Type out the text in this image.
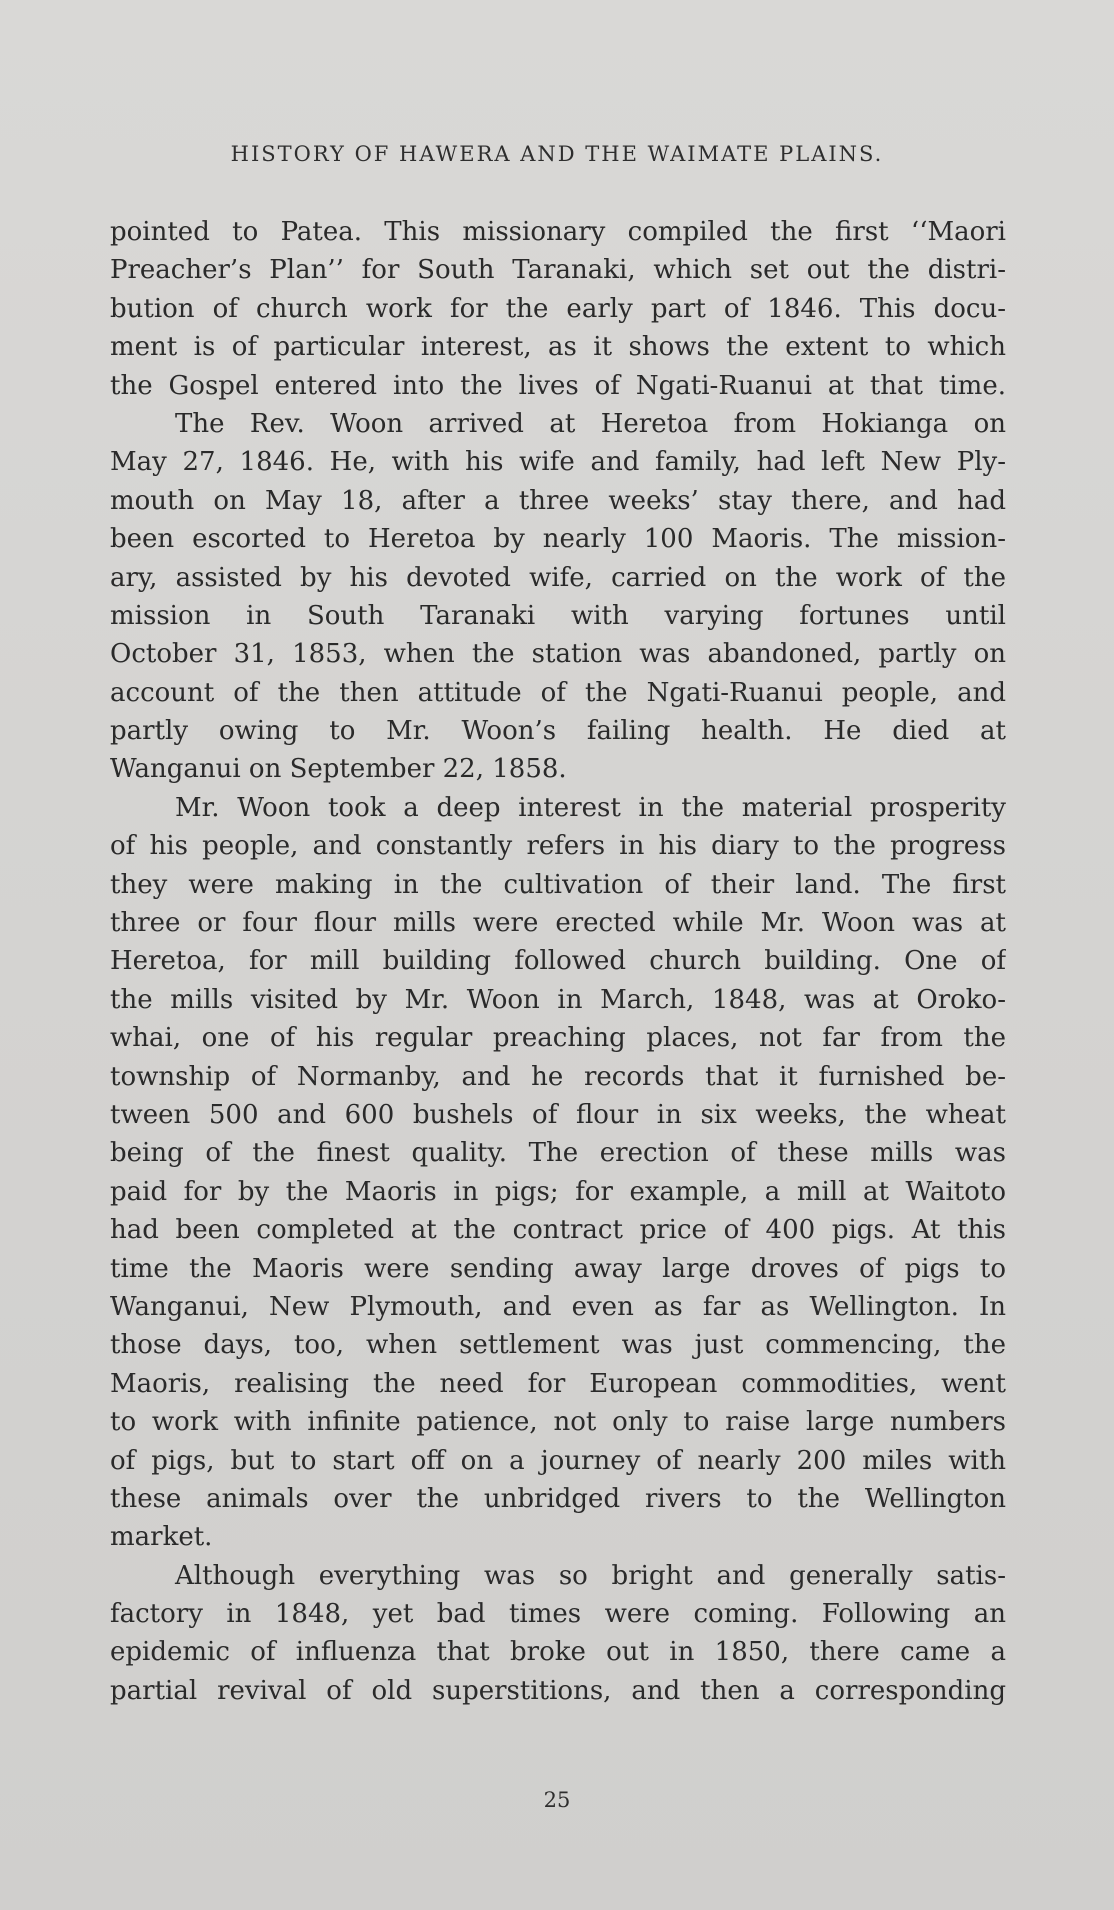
HISTORY OF HAWERA AND THE WAIMATE PLAINS.
pointed to Patea. This missionary compiled the first ‘‘Maori
Preacher’s Plan’’ for South Taranaki, which set out the distri-
bution of church work for the early part of 1846. This docu-
ment is of particular interest, as it shows the extent to which
the Gospel entered into the lives of Ngati-Ruanui at that time.
The Rev. Woon arrived at Heretoa from Hokianga on
May 27, 1846. He, with his wife and family, had left New Ply-
mouth on May 18, after a three weeks’ stay there, and had
been escorted to Heretoa by nearly 100 Maoris. The mission-
ary, assisted by his devoted wife, carried on the work of the
mission in South Taranaki with varying fortunes until
October 31, 1853, when the station was abandoned, partly on
account of the then attitude of the Ngati-Ruanui people, and
partly owing to Mr. Woon’s failing health. He died at
Wanganui on September 22, 1858.
Mr. Woon took a deep interest in the material prosperity
of his people, and constantly refers in his diary to the progress
they were making in the cultivation of their land. The first
three or four flour mills were erected while Mr. Woon was at
Heretoa, for mill building followed church building. One of
the mills visited by Mr. Woon in March, 1848, was at Oroko-
whai, one of his regular preaching places, not far from the
township of Normanby, and he records that it furnished be-
tween 500 and 600 bushels of flour in six weeks, the wheat
being of the finest quality. The erection of these mills was
paid for by the Maoris in pigs; for example, a mill at Waitoto
had been completed at the contract price of 400 pigs. At this
time the Maoris were sending away large droves of pigs to
Wanganui, New Plymouth, and even as far as Wellington. In
those days, too, when settlement was just commencing, the
Maoris, realising the need for European commodities, went
to work with infinite patience, not only to raise large numbers
of pigs, but to start off on a journey of nearly 200 miles with
these animals over the unbridged rivers to the Wellington
market.
Although everything was so bright and generally satis-
factory in 1848, yet bad times were coming. Following an
epidemic of influenza that broke out in 1850, there came a
partial revival of old superstitions, and then a corresponding
25
